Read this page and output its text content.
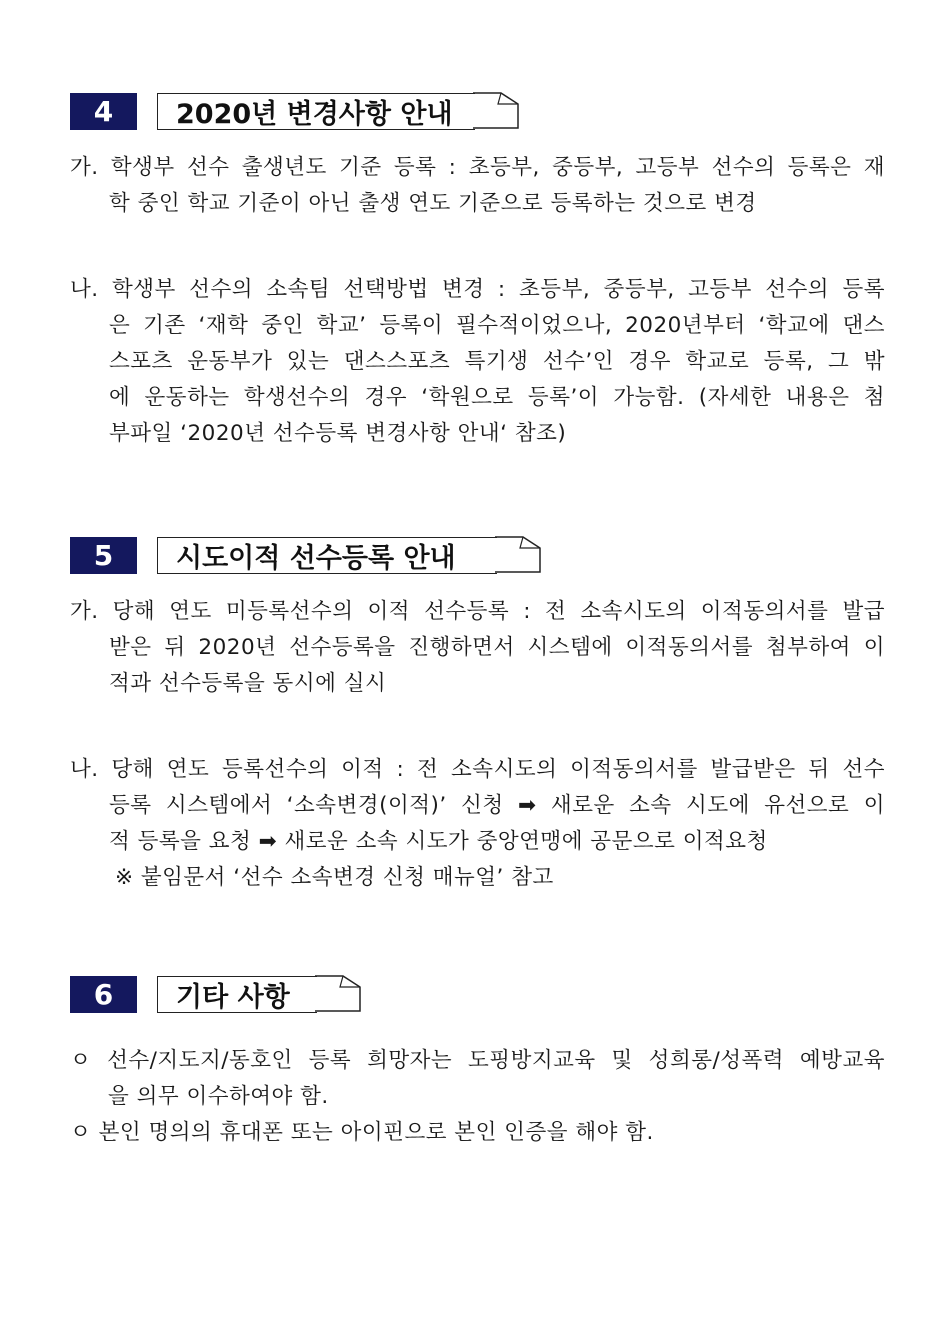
4	2020년 변경사항 안내
가. 학생부 선수 출생년도 기준 등록 : 초등부, 중등부, 고등부 선수의 등록은 재
학 중인 학교 기준이 아닌 출생 연도 기준으로 등록하는 것으로 변경
나. 학생부 선수의 소속팀 선택방법 변경 : 초등부, 중등부, 고등부 선수의 등록
은 기존 ‘재학 중인 학교’ 등록이 필수적이었으나, 2020년부터 ‘학교에 댄스
스포츠 운동부가 있는 댄스스포츠 특기생 선수’인 경우 학교로 등록, 그 밖
에 운동하는 학생선수의 경우 ‘학원으로 등록’이 가능함. (자세한 내용은 첨
부파일 ‘2020년 선수등록 변경사항 안내‘ 참조)
5	시도이적 선수등록 안내
가. 당해 연도 미등록선수의 이적 선수등록 : 전 소속시도의 이적동의서를 발급
받은 뒤 2020년 선수등록을 진행하면서 시스템에 이적동의서를 첨부하여 이
적과 선수등록을 동시에 실시
나. 당해 연도 등록선수의 이적 : 전 소속시도의 이적동의서를 발급받은 뒤 선수
등록 시스템에서 ‘소속변경(이적)’ 신청 ➡ 새로운 소속 시도에 유선으로 이
적 등록을 요청 ➡ 새로운 소속 시도가 중앙연맹에 공문으로 이적요청
※ 붙임문서 ‘선수 소속변경 신청 매뉴얼’ 참고
6	기타 사항
ㅇ 선수/지도지/동호인 등록 희망자는 도핑방지교육 및 성희롱/성폭력 예방교육
을 의무 이수하여야 함.
ㅇ 본인 명의의 휴대폰 또는 아이핀으로 본인 인증을 해야 함.
